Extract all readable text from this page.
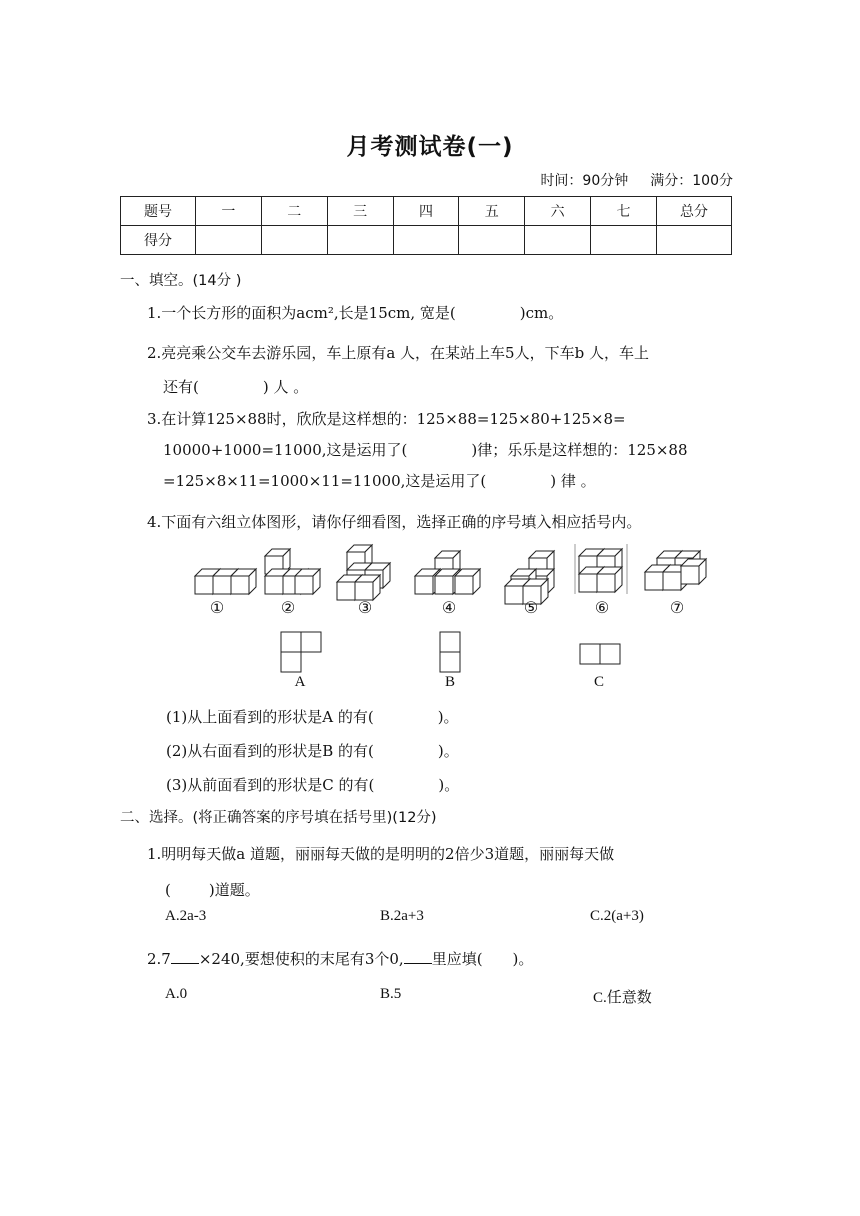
月考测试卷(一)
时间：90分钟 满分：100分
题号	一	二	三	四	五	六	七	总分
得分								
一、填空。(14分 )
1.一个长方形的面积为acm²,长是15cm, 宽是(	)cm。
2.亮亮乘公交车去游乐园，车上原有a 人，在某站上车5人，下车b 人，车上
还有(	) 人 。
3.在计算125×88时，欣欣是这样想的：125×88=125×80+125×8=
10000+1000=11000,这是运用了(	)律；乐乐是这样想的：125×88
=125×8×11=1000×11=11000,这是运用了(	) 律 。
4.下面有六组立体图形，请你仔细看图，选择正确的序号填入相应括号内。
①	②	③	④	⑤	⑥	⑦
A	B	C
(1)从上面看到的形状是A 的有(	)。
(2)从右面看到的形状是B 的有(	)。
(3)从前面看到的形状是C 的有(	)。
二、选择。(将正确答案的序号填在括号里)(12分)
1.明明每天做a 道题，丽丽每天做的是明明的2倍少3道题，丽丽每天做
(	)道题。
A.2a-3	B.2a+3	C.2(a+3)
2.7 ×240,要想使积的末尾有3个0, 里应填( )。
A.0	B.5	C.任意数
